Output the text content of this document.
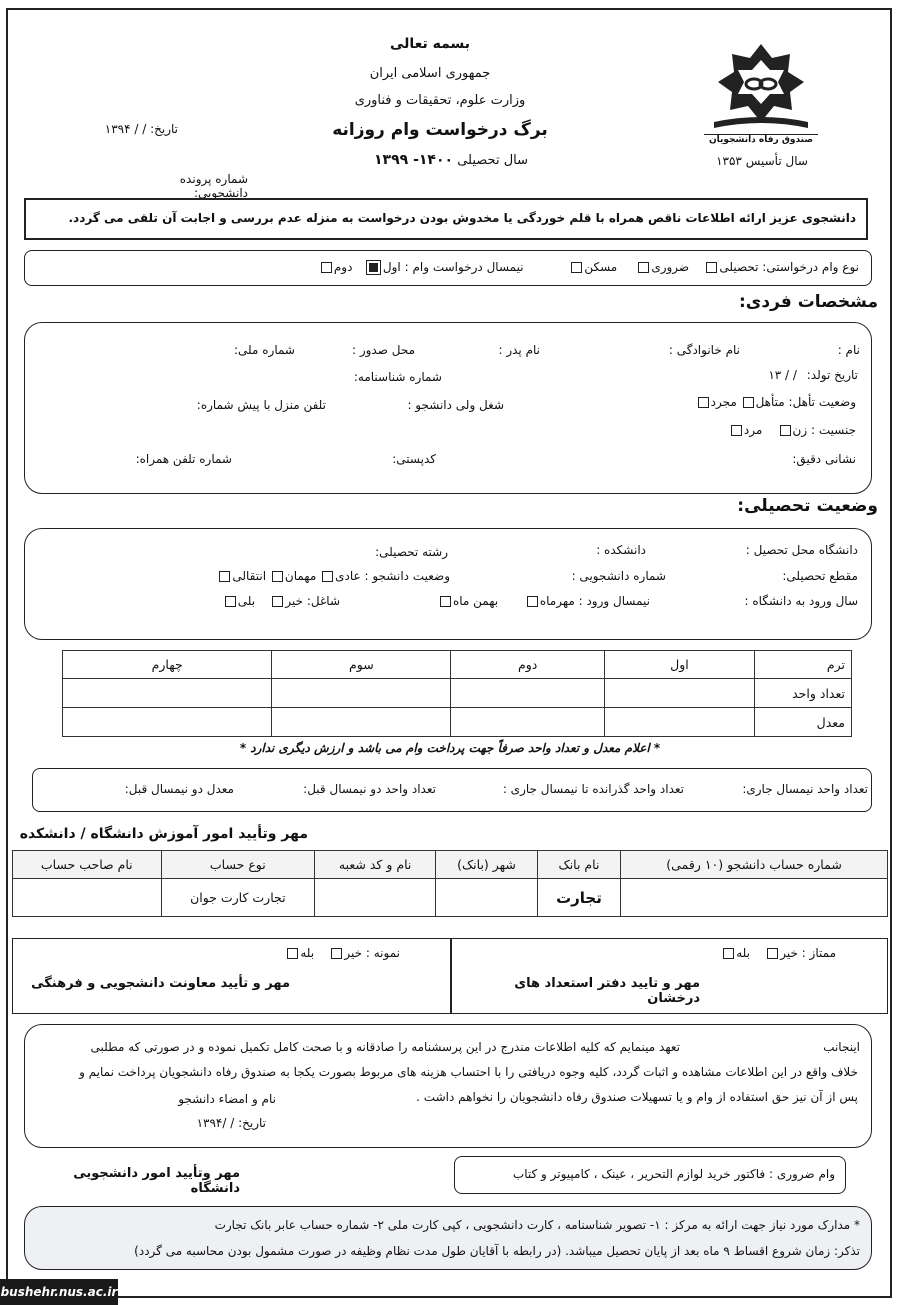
بسمه تعالی
جمهوری اسلامی ایران
وزارت علوم، تحقیقات و فناوری
برگ درخواست وام روزانه
سال تحصیلی ۱۴۰۰- ۱۳۹۹
تاریخ: / / ۱۳۹۴
شماره پرونده دانشجویی:
صندوق رفاه دانشجویان
سال تأسیس ۱۳۵۳
دانشجوی عزیز ارائه اطلاعات ناقص همراه با قلم خوردگی یا مخدوش بودن درخواست به منزله عدم بررسی و اجابت آن تلقی می گردد.
نوع وام درخواستی: تحصیلی    ضروری     مسکن            نیمسال درخواست وام : اول   دوم
مشخصات فردی:
نام :
نام خانوادگی :
نام پدر :
محل صدور :
شماره ملی:
تاریخ تولد: / / ۱۳
شماره شناسنامه:
وضعیت تأهل: متأهل مجرد
شغل ولی دانشجو :
تلفن منزل با پیش شماره:
جنسیت : زن    مرد
نشانی دقیق:
کدپستی:
شماره تلفن همراه:
وضعیت تحصیلی:
دانشگاه محل تحصیل :
دانشکده :
رشته تحصیلی:
مقطع تحصیلی:
شماره دانشجویی :
وضعیت دانشجو : عادی مهمان انتقالی
سال ورود به دانشگاه :
نیمسال ورود : مهرماه       بهمن ماه
شاغل: خیر    بلی
ترم	اول	دوم	سوم	چهارم
تعداد واحد				
معدل				
* اعلام معدل و تعداد واحد صرفاً جهت پرداخت وام می باشد و ارزش دیگری ندارد *
تعداد واحد نیمسال جاری:
تعداد واحد گذرانده تا نیمسال جاری :
تعداد واحد دو نیمسال قبل:
معدل دو نیمسال قبل:
مهر وتأیید امور آموزش دانشگاه / دانشکده
شماره حساب دانشجو (۱۰ رقمی)	نام بانک	شهر (بانک)	نام و کد شعبه	نوع حساب	نام صاحب حساب
	تجارت			تجارت کارت جوان	
ممتاز : خیر    بله
مهر و تایید دفتر استعداد های درخشان
نمونه : خیر    بله
مهر و تأیید معاونت دانشجویی و فرهنگی
اینجانب
تعهد مینمایم که کلیه اطلاعات مندرج در این پرسشنامه را صادقانه و با صحت کامل تکمیل نموده و در صورتی که مطلبی
خلاف واقع در این اطلاعات مشاهده و اثبات گردد، کلیه وجوه دریافتی را با احتساب هزینه های مربوط بصورت یکجا به صندوق رفاه دانشجویان پرداخت نمایم و
پس از آن نیز حق استفاده از وام و یا تسهیلات صندوق رفاه دانشجویان را نخواهم داشت .
نام و امضاء دانشجو
تاریخ: / /۱۳۹۴
مهر وتأیید امور دانشجویی دانشگاه
وام ضروری : فاکتور خرید لوازم التحریر ، عینک ، کامپیوتر و کتاب
* مدارک مورد نیاز جهت ارائه به مرکز : ۱- تصویر شناسنامه ، کارت دانشجویی ، کپی کارت ملی ۲- شماره حساب عابر بانک تجارت
تذکر: زمان شروع اقساط ۹ ماه بعد از پایان تحصیل میباشد. (در رابطه با آقایان طول مدت نظام وظیفه در صورت مشمول بودن محاسبه می گردد)
bushehr.nus.ac.ir
